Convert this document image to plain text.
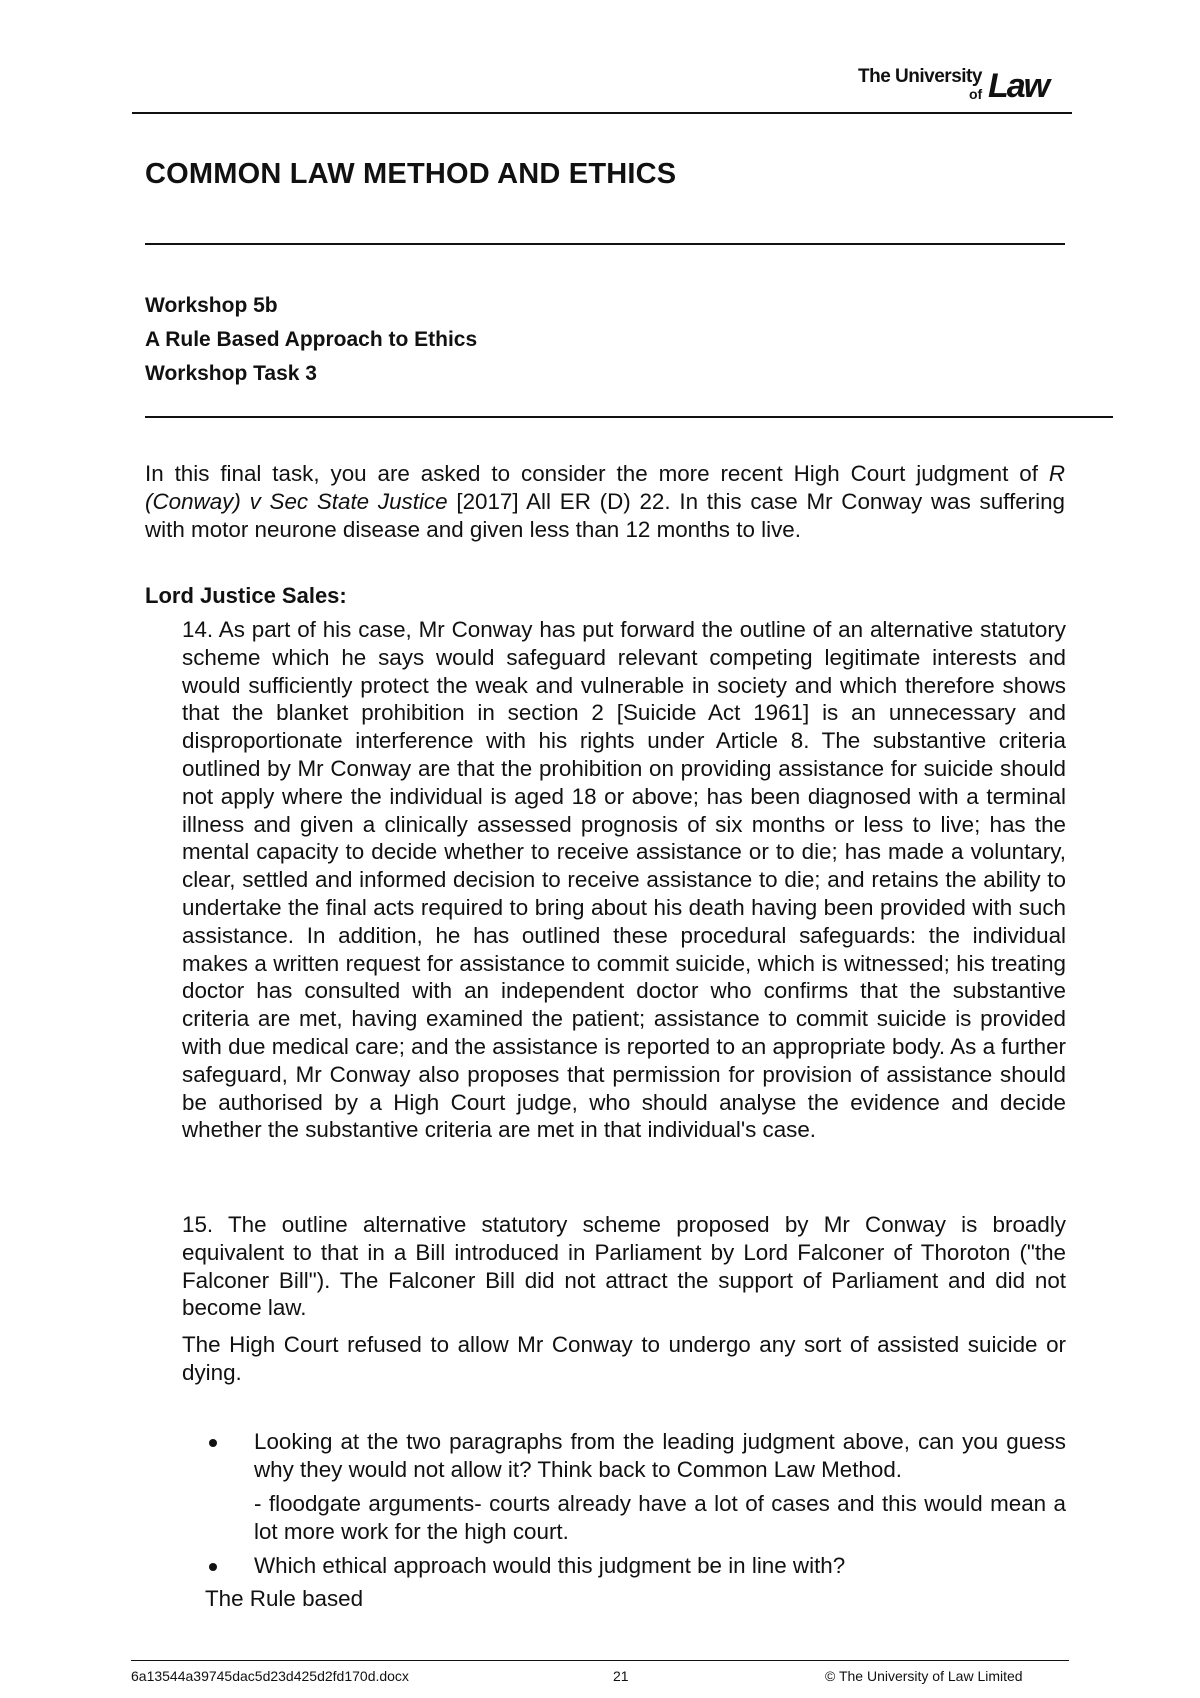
The University
of Law
COMMON LAW METHOD AND ETHICS
Workshop 5b
A Rule Based Approach to Ethics
Workshop Task 3
In this final task, you are asked to consider the more recent High Court judgment of R (Conway) v Sec State Justice [2017] All ER (D) 22. In this case Mr Conway was suffering with motor neurone disease and given less than 12 months to live.
Lord Justice Sales:
14. As part of his case, Mr Conway has put forward the outline of an alternative statutory scheme which he says would safeguard relevant competing legitimate interests and would sufficiently protect the weak and vulnerable in society and which therefore shows that the blanket prohibition in section 2 [Suicide Act 1961] is an unnecessary and disproportionate interference with his rights under Article 8. The substantive criteria outlined by Mr Conway are that the prohibition on providing assistance for suicide should not apply where the individual is aged 18 or above; has been diagnosed with a terminal illness and given a clinically assessed prognosis of six months or less to live; has the mental capacity to decide whether to receive assistance or to die; has made a voluntary, clear, settled and informed decision to receive assistance to die; and retains the ability to undertake the final acts required to bring about his death having been provided with such assistance. In addition, he has outlined these procedural safeguards: the individual makes a written request for assistance to commit suicide, which is witnessed; his treating doctor has consulted with an independent doctor who confirms that the substantive criteria are met, having examined the patient; assistance to commit suicide is provided with due medical care; and the assistance is reported to an appropriate body. As a further safeguard, Mr Conway also proposes that permission for provision of assistance should be authorised by a High Court judge, who should analyse the evidence and decide whether the substantive criteria are met in that individual's case.
15. The outline alternative statutory scheme proposed by Mr Conway is broadly equivalent to that in a Bill introduced in Parliament by Lord Falconer of Thoroton ("the Falconer Bill"). The Falconer Bill did not attract the support of Parliament and did not become law.
The High Court refused to allow Mr Conway to undergo any sort of assisted suicide or dying.
Looking at the two paragraphs from the leading judgment above, can you guess why they would not allow it? Think back to Common Law Method.
- floodgate arguments- courts already have a lot of cases and this would mean a lot more work for the high court.
Which ethical approach would this judgment be in line with?
The Rule based
6a13544a39745dac5d23d425d2fd170d.docx	21	© The University of Law Limited
